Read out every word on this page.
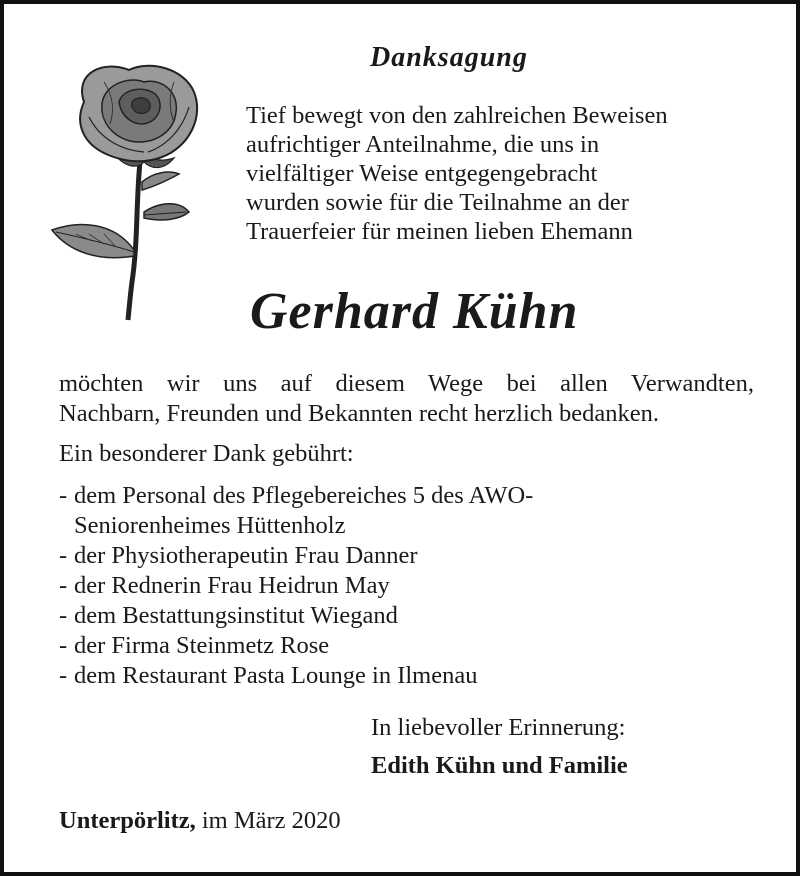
Danksagung
Tief bewegt von den zahlreichen Beweisen
aufrichtiger Anteilnahme, die uns in
vielfältiger Weise entgegengebracht
wurden sowie für die Teilnahme an der
Trauerfeier für meinen lieben Ehemann
Gerhard Kühn
möchten wir uns auf diesem Wege bei allen Verwandten,
Nachbarn, Freunden und Bekannten recht herzlich bedanken.
Ein besonderer Dank gebührt:
- dem Personal des Pflegebereiches 5 des AWO-
Seniorenheimes Hüttenholz
- der Physiotherapeutin Frau Danner
- der Rednerin Frau Heidrun May
- dem Bestattungsinstitut Wiegand
- der Firma Steinmetz Rose
- dem Restaurant Pasta Lounge in Ilmenau
In liebevoller Erinnerung:
Edith Kühn und Familie
Unterpörlitz, im März 2020
